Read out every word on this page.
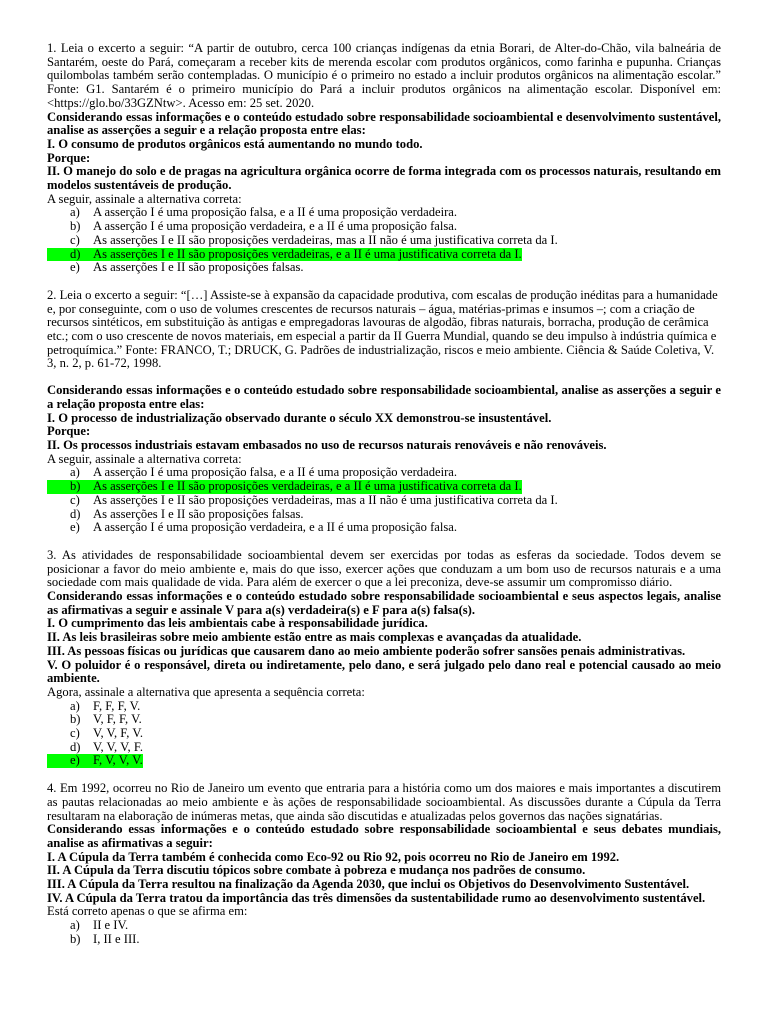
1. Leia o excerto a seguir: “A partir de outubro, cerca 100 crianças indígenas da etnia Borari, de Alter-do-Chão, vila balneária de Santarém, oeste do Pará, começaram a receber kits de merenda escolar com produtos orgânicos, como farinha e pupunha. Crianças quilombolas também serão contempladas. O município é o primeiro no estado a incluir produtos orgânicos na alimentação escolar.” Fonte: G1. Santarém é o primeiro município do Pará a incluir produtos orgânicos na alimentação escolar. Disponível em: <https://glo.bo/33GZNtw>. Acesso em: 25 set. 2020.

Considerando essas informações e o conteúdo estudado sobre responsabilidade socioambiental e desenvolvimento sustentável, analise as asserções a seguir e a relação proposta entre elas:

I. O consumo de produtos orgânicos está aumentando no mundo todo.

Porque:

II. O manejo do solo e de pragas na agricultura orgânica ocorre de forma integrada com os processos naturais, resultando em modelos sustentáveis de produção.

A seguir, assinale a alternativa correta:

a)	A asserção I é uma proposição falsa, e a II é uma proposição verdadeira.
b) A asserção I é uma proposição verdadeira, e a II é uma proposição falsa.
c)	As asserções I e II são proposições verdadeiras, mas a II não é uma justificativa correta da I.
d) As asserções I e II são proposições verdadeiras, e a II é uma justificativa correta da I.
e)	As asserções I e II são proposições falsas.

2. Leia o excerto a seguir: “[…] Assiste-se à expansão da capacidade produtiva, com escalas de produção inéditas para a humanidade e, por conseguinte, com o uso de volumes crescentes de recursos naturais – água, matérias-primas e insumos –; com a criação de recursos sintéticos, em substituição às antigas e empregadoras lavouras de algodão, fibras naturais, borracha, produção de cerâmica etc.; com o uso crescente de novos materiais, em especial a partir da II Guerra Mundial, quando se deu impulso à indústria química e petroquímica.” Fonte: FRANCO, T.; DRUCK, G. Padrões de industrialização, riscos e meio ambiente. Ciência & Saúde Coletiva, V. 3, n. 2, p. 61-72, 1998.

Considerando essas informações e o conteúdo estudado sobre responsabilidade socioambiental, analise as asserções a seguir e a relação proposta entre elas:

I. O processo de industrialização observado durante o século XX demonstrou-se insustentável.

Porque:

II. Os processos industriais estavam embasados no uso de recursos naturais renováveis e não renováveis.

A seguir, assinale a alternativa correta:

a)	A asserção I é uma proposição falsa, e a II é uma proposição verdadeira.
b) As asserções I e II são proposições verdadeiras, e a II é uma justificativa correta da I.
c)	As asserções I e II são proposições verdadeiras, mas a II não é uma justificativa correta da I.
d) As asserções I e II são proposições falsas.
e)	A asserção I é uma proposição verdadeira, e a II é uma proposição falsa.

3. As atividades de responsabilidade socioambiental devem ser exercidas por todas as esferas da sociedade. Todos devem se posicionar a favor do meio ambiente e, mais do que isso, exercer ações que conduzam a um bom uso de recursos naturais e a uma sociedade com mais qualidade de vida. Para além de exercer o que a lei preconiza, deve-se assumir um compromisso diário.

Considerando essas informações e o conteúdo estudado sobre responsabilidade socioambiental e seus aspectos legais, analise as afirmativas a seguir e assinale V para a(s) verdadeira(s) e F para a(s) falsa(s).

I. O cumprimento das leis ambientais cabe à responsabilidade jurídica.

II. As leis brasileiras sobre meio ambiente estão entre as mais complexas e avançadas da atualidade.

III. As pessoas físicas ou jurídicas que causarem dano ao meio ambiente poderão sofrer sansões penais administrativas.

V. O poluidor é o responsável, direta ou indiretamente, pelo dano, e será julgado pelo dano real e potencial causado ao meio ambiente.

Agora, assinale a alternativa que apresenta a sequência correta:

a)	F, F, F, V.
b) V, F, F, V.
c)	V, V, F, V.
d) V, V, V, F.
e)	F, V, V, V.

4. Em 1992, ocorreu no Rio de Janeiro um evento que entraria para a história como um dos maiores e mais importantes a discutirem as pautas relacionadas ao meio ambiente e às ações de responsabilidade socioambiental. As discussões durante a Cúpula da Terra resultaram na elaboração de inúmeras metas, que ainda são discutidas e atualizadas pelos governos das nações signatárias.

Considerando essas informações e o conteúdo estudado sobre responsabilidade socioambiental e seus debates mundiais, analise as afirmativas a seguir:

I. A Cúpula da Terra também é conhecida como Eco-92 ou Rio 92, pois ocorreu no Rio de Janeiro em 1992.

II. A Cúpula da Terra discutiu tópicos sobre combate à pobreza e mudança nos padrões de consumo.

III. A Cúpula da Terra resultou na finalização da Agenda 2030, que inclui os Objetivos do Desenvolvimento Sustentável.

IV. A Cúpula da Terra tratou da importância das três dimensões da sustentabilidade rumo ao desenvolvimento sustentável.

Está correto apenas o que se afirma em:

a)	II e IV.
b) I, II e III.
